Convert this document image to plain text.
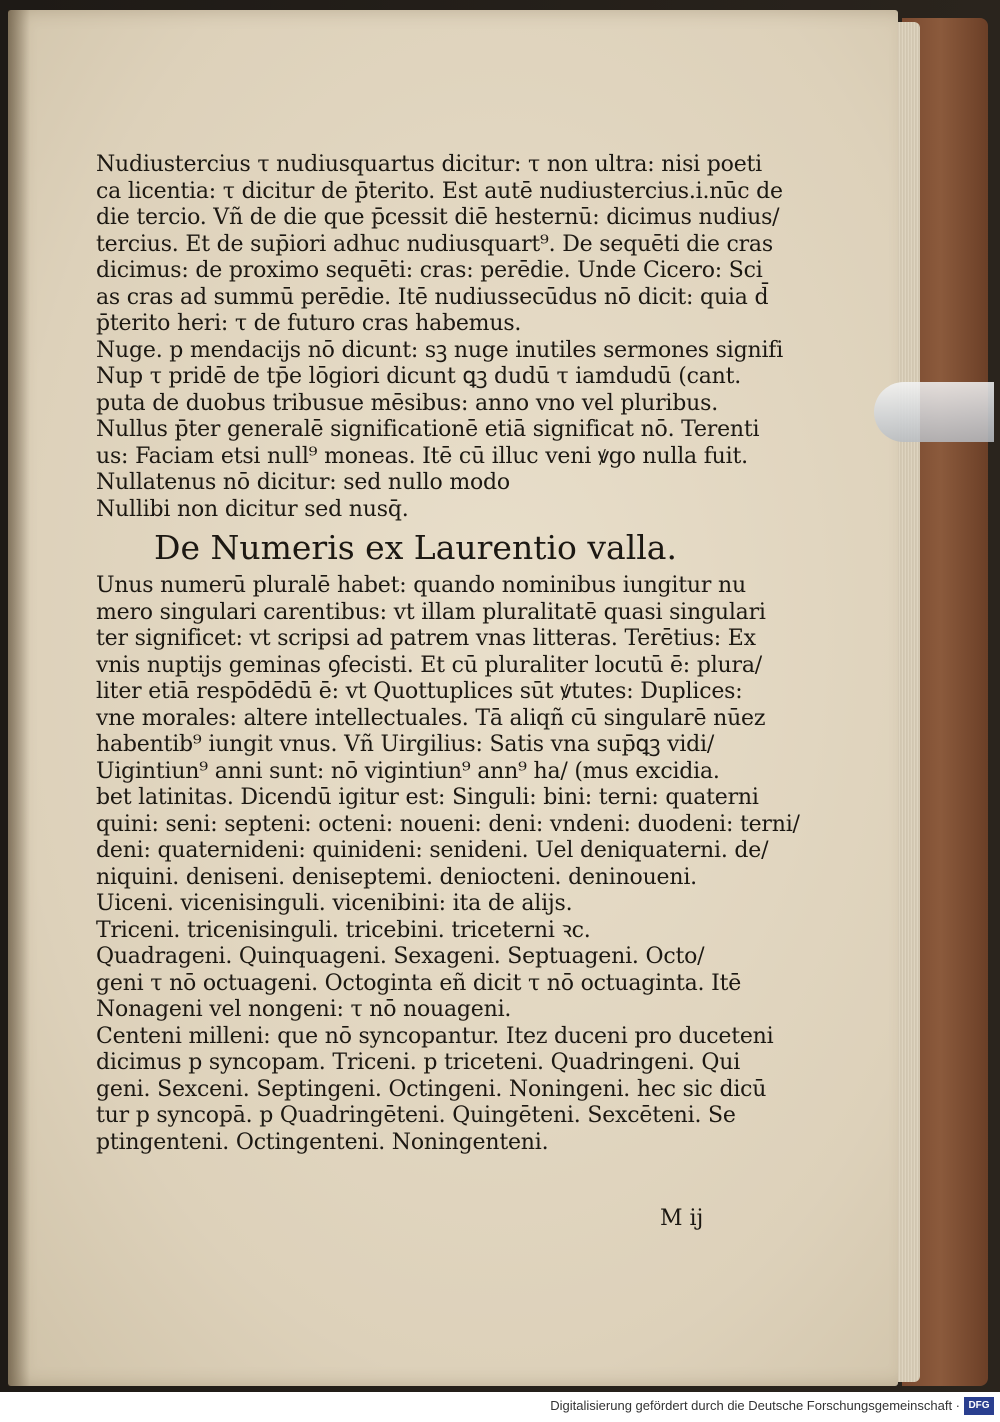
Nudiustercius τ nudiusquartus dicitur: τ non ultra: nisi poeti
ca licentia: τ dicitur de p̄terito. Est autē nudiustercius.i.nūc de
die tercio. Vñ de die que p̄cessit diē hesternū: dicimus nudius/
tercius. Et de sup̄iori adhuc nudiusquart⁹. De sequēti die cras
dicimus: de proximo sequēti: cras: perēdie. Unde Cicero: Sci
as cras ad summū perēdie. Itē nudiussecūdus nō dicit: quia d̄
p̄terito heri: τ de futuro cras habemus.
Nuge. p mendacijs nō dicunt: sꝫ nuge inutiles sermones signifi
Nup τ pridē de tp̄e lōgiori dicunt ꝗꝫ dudū τ iamdudū (cant.
puta de duobus tribusue mēsibus: anno vno vel pluribus.
Nullus p̄ter generalē significationē etiā significat nō. Terenti
us: Faciam etsi null⁹ moneas. Itē cū illuc veni ꝟgo nulla fuit.
Nullatenus nō dicitur: sed nullo modo
Nullibi non dicitur sed nusq̄.
De Numeris ex Laurentio valla.
Unus numerū pluralē habet: quando nominibus iungitur nu
mero singulari carentibus: vt illam pluralitatē quasi singulari
ter significet: vt scripsi ad patrem vnas litteras. Terētius: Ex
vnis nuptijs geminas ꝯfecisti. Et cū pluraliter locutū ē: plura/
liter etiā respōdēdū ē: vt Quottuplices sūt ꝟtutes: Duplices:
vne morales: altere intellectuales. Tā aliqñ cū singularē nūez
habentib⁹ iungit vnus. Vñ Uirgilius: Satis vna sup̄ꝗꝫ vidi/
Uigintiun⁹ anni sunt: nō vigintiun⁹ ann⁹ ha/ (mus excidia.
bet latinitas. Dicendū igitur est: Singuli: bini: terni: quaterni
quini: seni: septeni: octeni: noueni: deni: vndeni: duodeni: terni/
deni: quaternideni: quinideni: senideni. Uel deniquaterni. de/
niquini. deniseni. deniseptemi. deniocteni. deninoueni.
Uiceni. vicenisinguli. vicenibini: ita de alijs.
Triceni. tricenisinguli. tricebini. triceterni ꝛc.
Quadrageni. Quinquageni. Sexageni. Septuageni. Octo/
geni τ nō octuageni. Octoginta eñ dicit τ nō octuaginta. Itē
Nonageni vel nongeni: τ nō nouageni.
Centeni milleni: que nō syncopantur. Itez duceni pro duceteni
dicimus p syncopam. Triceni. p triceteni. Quadringeni. Qui
geni. Sexceni. Septingeni. Octingeni. Noningeni. hec sic dicū
tur p syncopā. p Quadringēteni. Quingēteni. Sexcēteni. Se
ptingenteni. Octingenteni. Noningenteni.
M ij
Digitalisierung gefördert durch die Deutsche Forschungsgemeinschaft · DFG
